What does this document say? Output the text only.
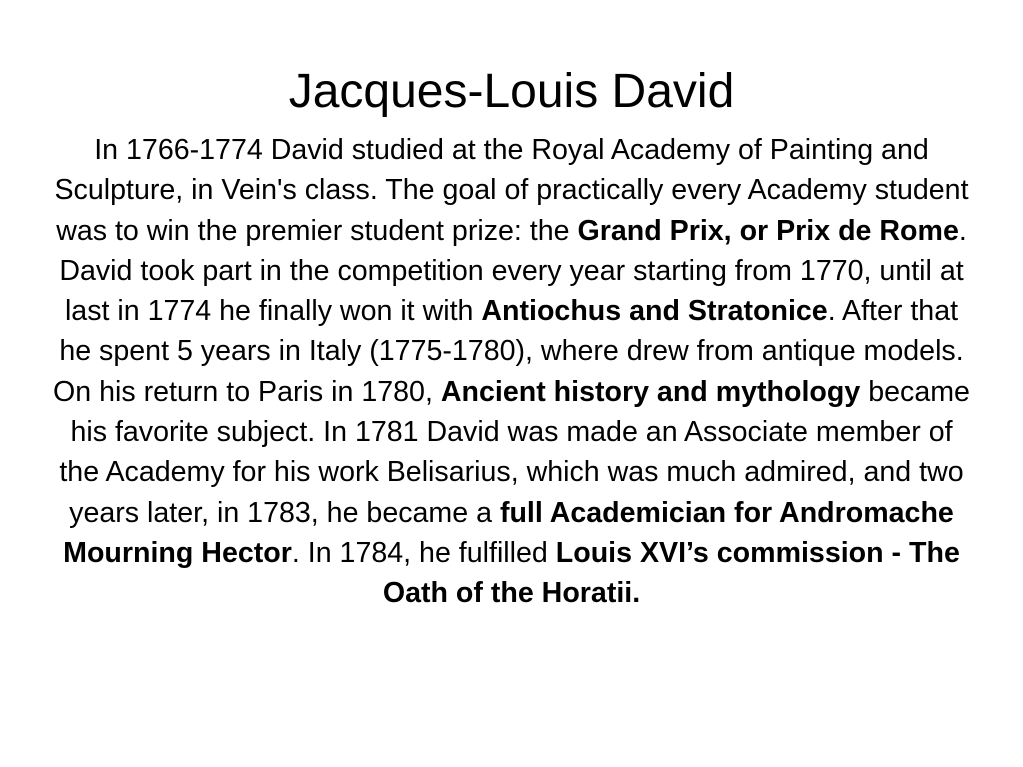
Jacques-Louis David

In 1766-1774 David studied at the Royal Academy of Painting and Sculpture, in Vein's class. The goal of practically every Academy student was to win the premier student prize: the Grand Prix, or Prix de Rome. David took part in the competition every year starting from 1770, until at last in 1774 he finally won it with Antiochus and Stratonice. After that he spent 5 years in Italy (1775-1780), where drew from antique models. On his return to Paris in 1780, Ancient history and mythology became his favorite subject. In 1781 David was made an Associate member of the Academy for his work Belisarius, which was much admired, and two years later, in 1783, he became a full Academician for Andromache Mourning Hector. In 1784, he fulfilled Louis XVI’s commission - The Oath of the Horatii.
